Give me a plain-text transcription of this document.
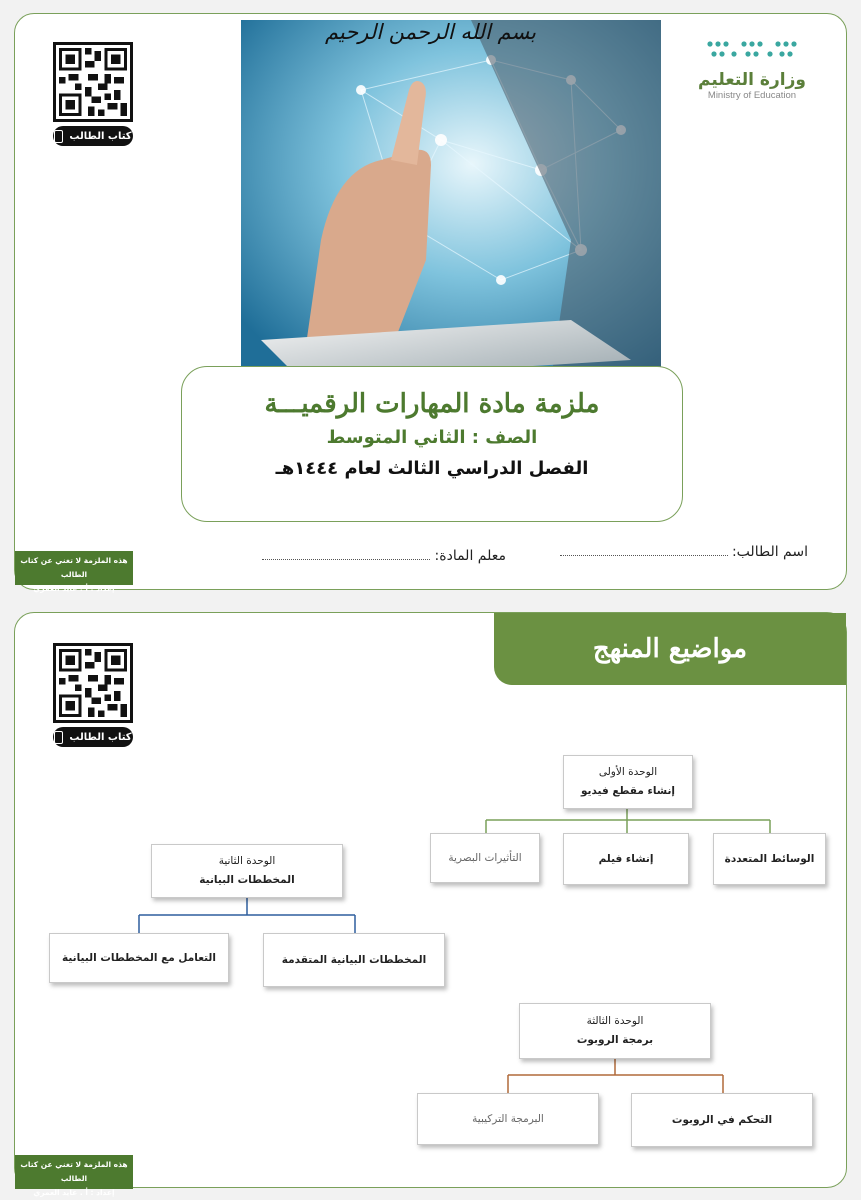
بسم الله الرحمن الرحيم
وزارة التعليم
Ministry of Education
كتاب الطالب
ملزمة مادة المهارات الرقميـــة
الصف : الثاني المتوسط
الفصل الدراسي الثالث لعام ١٤٤٤هـ
اسم الطالب:
معلم المادة:
هذه الملزمة لا تغني عن كتاب الطالب
إعداد : أ . عايد العمري
مواضيع المنهج
كتاب الطالب
الوحدة الأولى
إنشاء مقطع فيديو
الوسائط المتعددة
إنشاء فيلم
التأثيرات البصرية
الوحدة الثانية
المخططات البيانية
المخططات البيانية المتقدمة
التعامل مع المخططات البيانية
الوحدة الثالثة
برمجة الروبوت
التحكم في الروبوت
البرمجة التركيبية
هذه الملزمة لا تغني عن كتاب الطالب
إعداد : أ . عايد العمري
